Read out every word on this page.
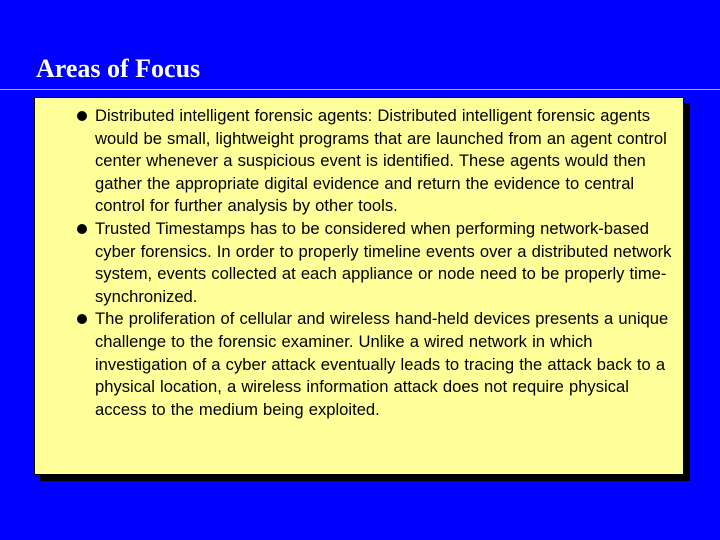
Areas of Focus
Distributed intelligent forensic agents: Distributed intelligent forensic agents would be small, lightweight programs that are launched from an agent control center whenever a suspicious event is identified. These agents would then gather the appropriate digital evidence and return the evidence to central control for further analysis by other tools.
Trusted Timestamps has to be considered when performing network-based cyber forensics. In order to properly timeline events over a distributed network system, events collected at each appliance or node need to be properly time-synchronized.
The proliferation of cellular and wireless hand-held devices presents a unique challenge to the forensic examiner. Unlike a wired network in which investigation of a cyber attack eventually leads to tracing the attack back to a physical location, a wireless information attack does not require physical access to the medium being exploited.
